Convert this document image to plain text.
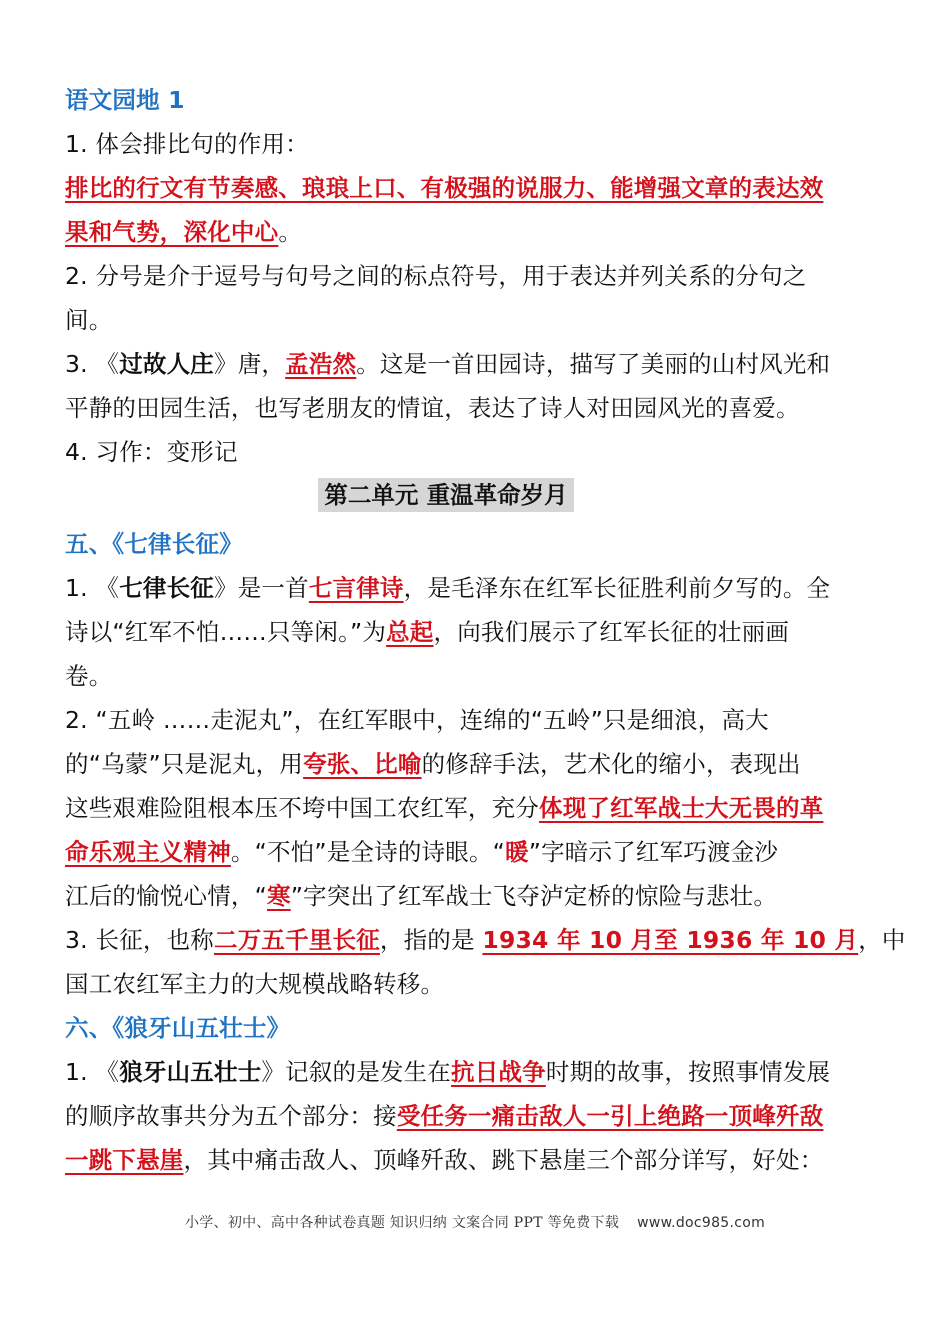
语文园地 1
1. 体会排比句的作用：
排比的行文有节奏感、琅琅上口、有极强的说服力、能增强文章的表达效
果和气势，深化中心。
2. 分号是介于逗号与句号之间的标点符号，用于表达并列关系的分句之
间。
3. 《过故人庄》唐，孟浩然。这是一首田园诗，描写了美丽的山村风光和
平静的田园生活，也写老朋友的情谊，表达了诗人对田园风光的喜爱。
4. 习作：变形记
第二单元 重温革命岁月
五、《七律长征》
1. 《七律长征》是一首七言律诗，是毛泽东在红军长征胜利前夕写的。全
诗以“红军不怕……只等闲。”为总起，向我们展示了红军长征的壮丽画
卷。
2. “五岭 ……走泥丸”，在红军眼中，连绵的“五岭”只是细浪，高大
的“乌蒙”只是泥丸，用夸张、比喻的修辞手法，艺术化的缩小，表现出
这些艰难险阻根本压不垮中国工农红军，充分体现了红军战士大无畏的革
命乐观主义精神。“不怕”是全诗的诗眼。“暖”字暗示了红军巧渡金沙
江后的愉悦心情，“寒”字突出了红军战士飞夺泸定桥的惊险与悲壮。
3. 长征，也称二万五千里长征，指的是 1934 年 10 月至 1936 年 10 月，中
国工农红军主力的大规模战略转移。
六、《狼牙山五壮士》
1. 《狼牙山五壮士》记叙的是发生在抗日战争时期的故事，按照事情发展
的顺序故事共分为五个部分：接受任务一痛击敌人一引上绝路一顶峰歼敌
一跳下悬崖，其中痛击敌人、顶峰歼敌、跳下悬崖三个部分详写，好处：
小学、初中、高中各种试卷真题 知识归纳 文案合同 PPT 等免费下载 www.doc985.com
